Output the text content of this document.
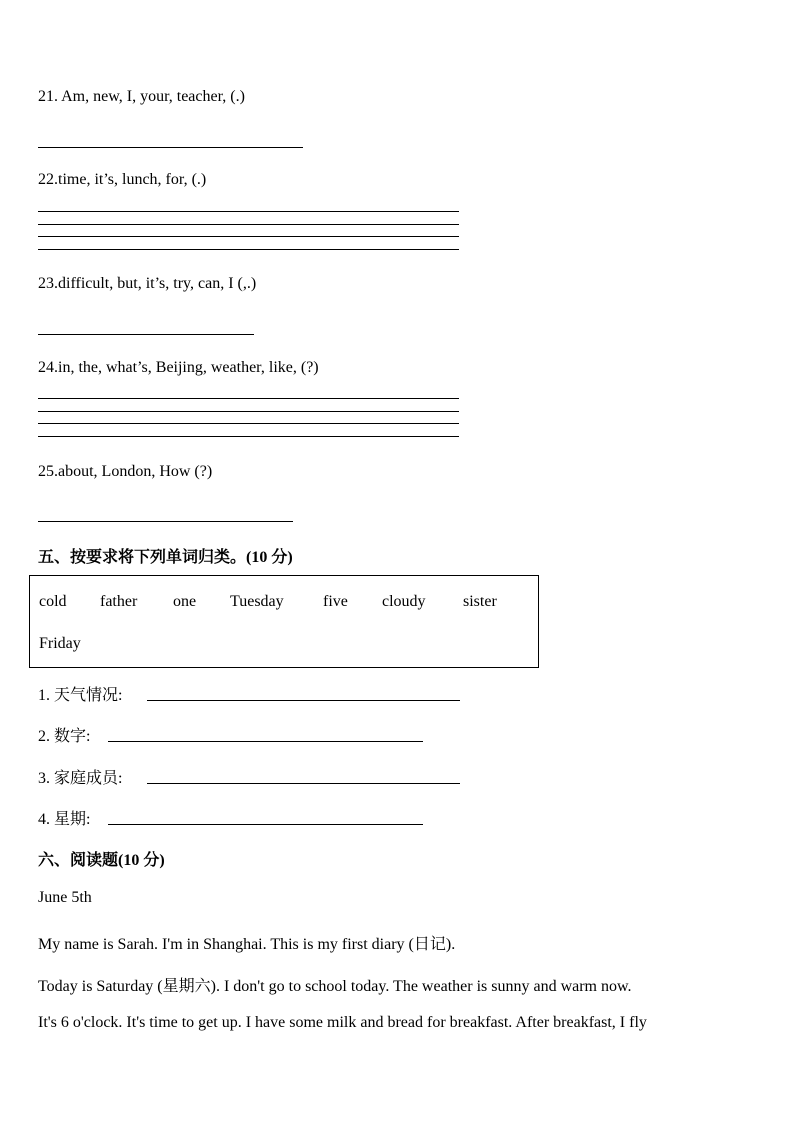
21. Am, new, I, your, teacher, (.)
22.time, it’s, lunch, for, (.)
23.difficult, but, it’s, try, can, I (,.)
24.in, the, what’s, Beijing, weather, like, (?)
25.about, London, How (?)
五、按要求将下列单词归类。(10 分)
cold father one Tuesday five cloudy sister
Friday
1. 天气情况:
2. 数字:
3. 家庭成员:
4. 星期:
六、阅读题(10 分)
June 5th
My name is Sarah. I'm in Shanghai. This is my first diary (日记).
Today is Saturday (星期六). I don't go to school today. The weather is sunny and warm now.
It's 6 o'clock. It's time to get up. I have some milk and bread for breakfast. After breakfast, I fly
